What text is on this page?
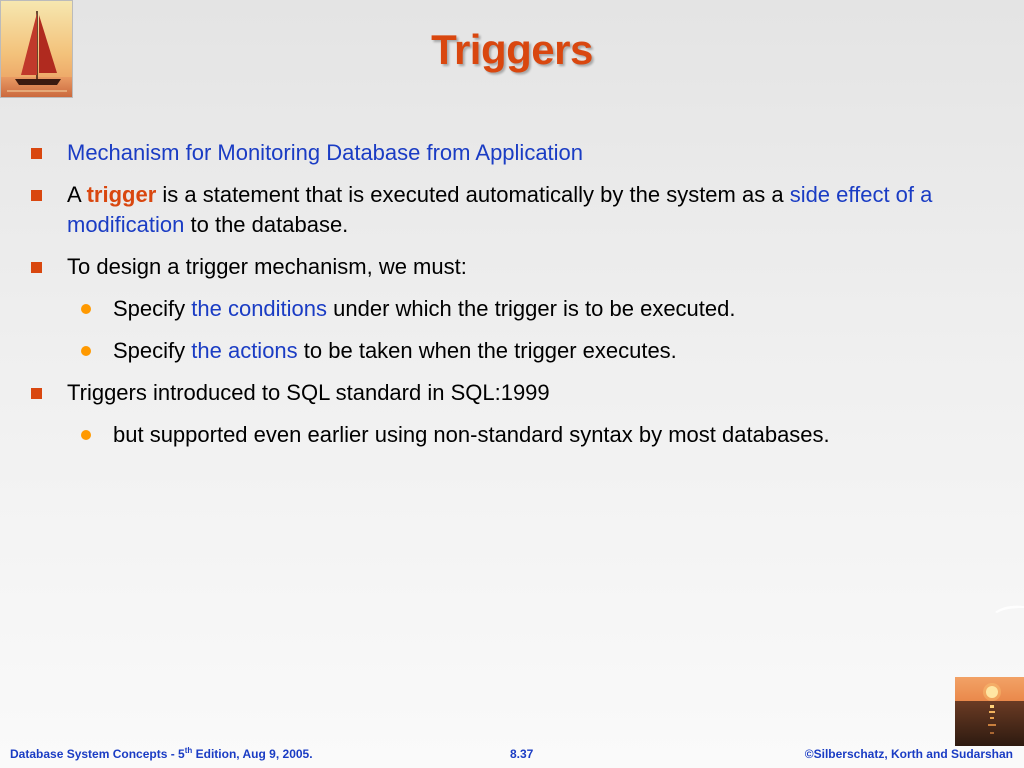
Triggers
Mechanism for Monitoring Database from Application
A trigger is a statement that is executed automatically by the system as a side effect of a modification to the database.
To design a trigger mechanism, we must:
Specify the conditions under which the trigger is to be executed.
Specify the actions to be taken when the trigger executes.
Triggers introduced to SQL standard in SQL:1999
but supported even earlier using non-standard syntax by most databases.
Database System Concepts - 5th Edition, Aug 9, 2005.	8.37	©Silberschatz, Korth and Sudarshan
